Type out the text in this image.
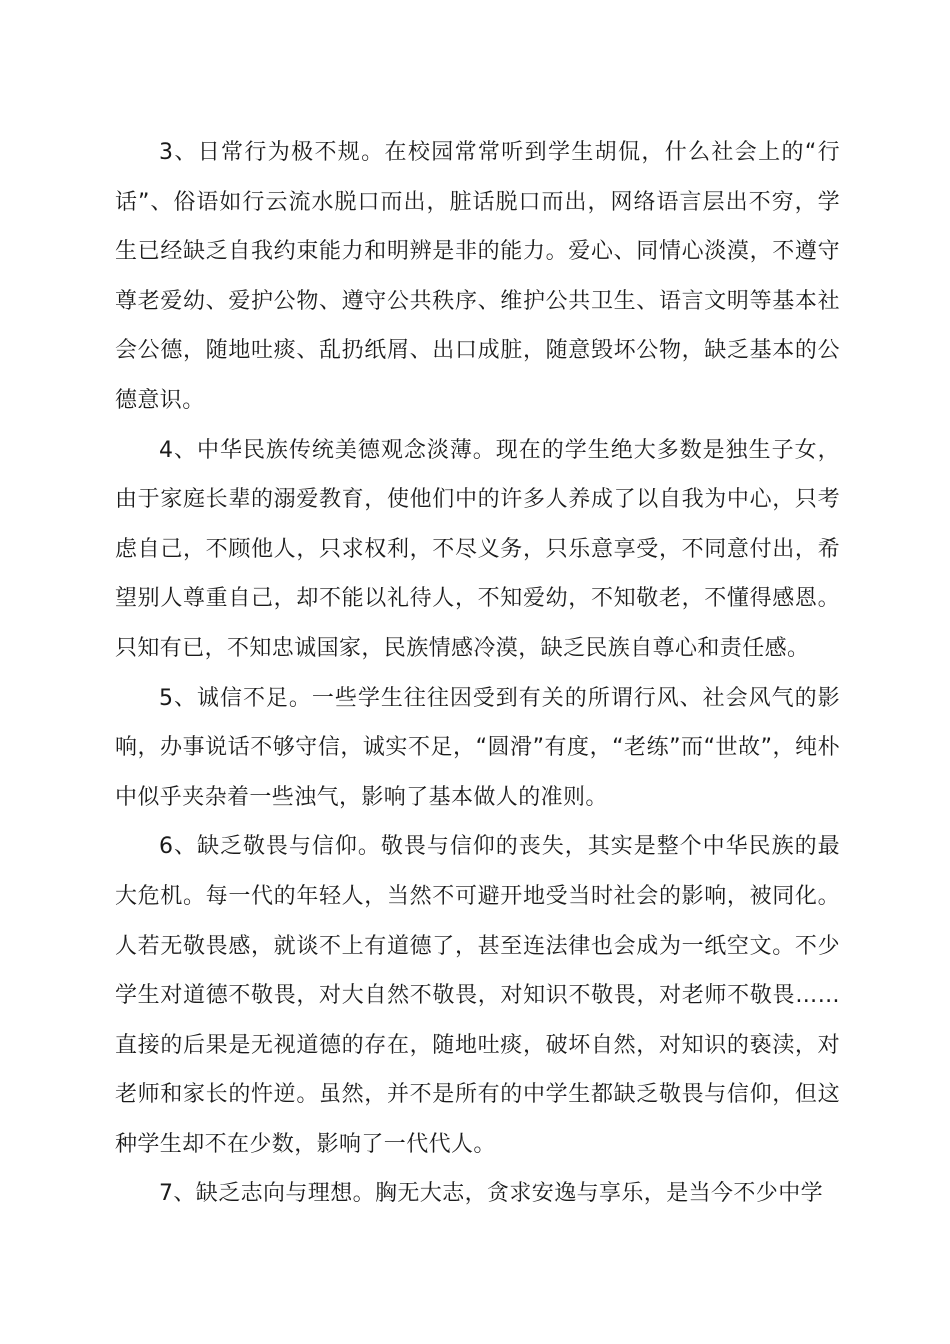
3、日常行为极不规。在校园常常听到学生胡侃，什么社会上的“行话”、俗语如行云流水脱口而出，脏话脱口而出，网络语言层出不穷，学生已经缺乏自我约束能力和明辨是非的能力。爱心、同情心淡漠，不遵守尊老爱幼、爱护公物、遵守公共秩序、维护公共卫生、语言文明等基本社会公德，随地吐痰、乱扔纸屑、出口成脏，随意毁坏公物，缺乏基本的公德意识。

4、中华民族传统美德观念淡薄。现在的学生绝大多数是独生子女，由于家庭长辈的溺爱教育，使他们中的许多人养成了以自我为中心，只考虑自己，不顾他人，只求权利，不尽义务，只乐意享受，不同意付出，希望别人尊重自己，却不能以礼待人，不知爱幼，不知敬老，不懂得感恩。只知有已，不知忠诚国家，民族情感冷漠，缺乏民族自尊心和责任感。

5、诚信不足。一些学生往往因受到有关的所谓行风、社会风气的影响，办事说话不够守信，诚实不足，“圆滑”有度，“老练”而“世故”，纯朴中似乎夹杂着一些浊气，影响了基本做人的准则。

6、缺乏敬畏与信仰。敬畏与信仰的丧失，其实是整个中华民族的最大危机。每一代的年轻人，当然不可避开地受当时社会的影响，被同化。人若无敬畏感，就谈不上有道德了，甚至连法律也会成为一纸空文。不少学生对道德不敬畏，对大自然不敬畏，对知识不敬畏，对老师不敬畏……直接的后果是无视道德的存在，随地吐痰，破坏自然，对知识的亵渎，对老师和家长的忤逆。虽然，并不是所有的中学生都缺乏敬畏与信仰，但这种学生却不在少数，影响了一代代人。

7、缺乏志向与理想。胸无大志，贪求安逸与享乐，是当今不少中学
